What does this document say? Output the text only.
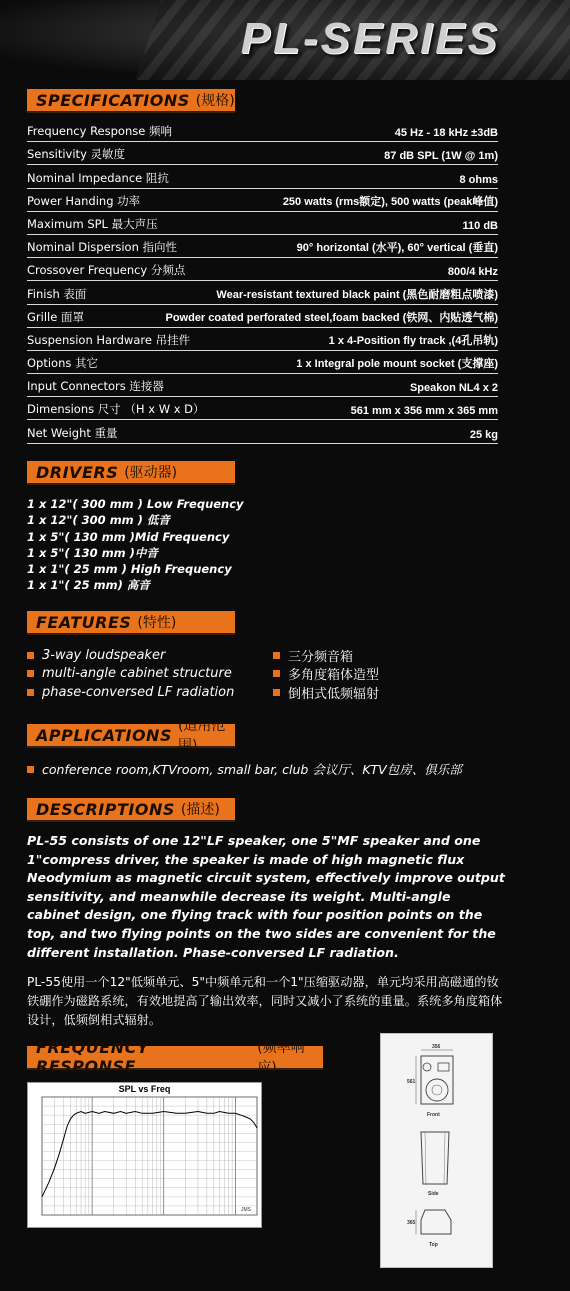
PL-SERIES
SPECIFICATIONS (规格)
Frequency Response 频响	45 Hz - 18 kHz ±3dB
Sensitivity 灵敏度	87 dB SPL (1W @ 1m)
Nominal Impedance 阻抗	8 ohms
Power Handing 功率	250 watts (rms额定), 500 watts (peak峰值)
Maximum SPL 最大声压	110 dB
Nominal Dispersion 指向性	90° horizontal (水平), 60° vertical (垂直)
Crossover Frequency 分频点	800/4 kHz
Finish 表面	Wear-resistant textured black paint (黑色耐磨粗点喷漆)
Grille 面罩	Powder coated perforated steel,foam backed (铁网、内贴透气棉)
Suspension Hardware 吊挂件	1 x 4-Position fly track ,(4孔吊轨)
Options 其它	1 x Integral pole mount socket (支撑座)
Input Connectors 连接器	Speakon NL4 x 2
Dimensions 尺寸 （H x W x D）	561 mm x 356 mm x 365 mm
Net Weight 重量	25 kg
DRIVERS (驱动器)
1 x 12"( 300 mm ) Low Frequency
1 x 12"( 300 mm ) 低音
1 x 5"( 130 mm )Mid Frequency
1 x 5"( 130 mm )中音
1 x 1"( 25 mm ) High Frequency
1 x 1"( 25 mm) 高音
FEATURES (特性)
3-way loudspeaker
multi-angle cabinet structure
phase-conversed LF radiation
三分频音箱
多角度箱体造型
倒相式低频辐射
APPLICATIONS (适用范围)
conference room,KTVroom, small bar, club 会议厅、KTV包房、俱乐部
DESCRIPTIONS (描述)
PL-55 consists of one 12"LF speaker, one 5"MF speaker and one 1"compress driver, the speaker is made of high magnetic flux Neodymium as magnetic circuit system, effectively improve output sensitivity, and meanwhile decrease its weight. Multi-angle cabinet design, one flying track with four position points on the top, and two flying points on the two sides are convenient for the different installation. Phase-conversed LF radiation.
PL-55使用一个12"低频单元、5"中频单元和一个1"压缩驱动器，单元均采用高磁通的钕铁硼作为磁路系统，有效地提高了输出效率，同时又减小了系统的重量。系统多角度箱体设计，低频倒相式辐射。
FREQUENCY RESPONSE
(频率响应)
SPL vs Freq
JMS
356
561
Front
Side
365
Top
